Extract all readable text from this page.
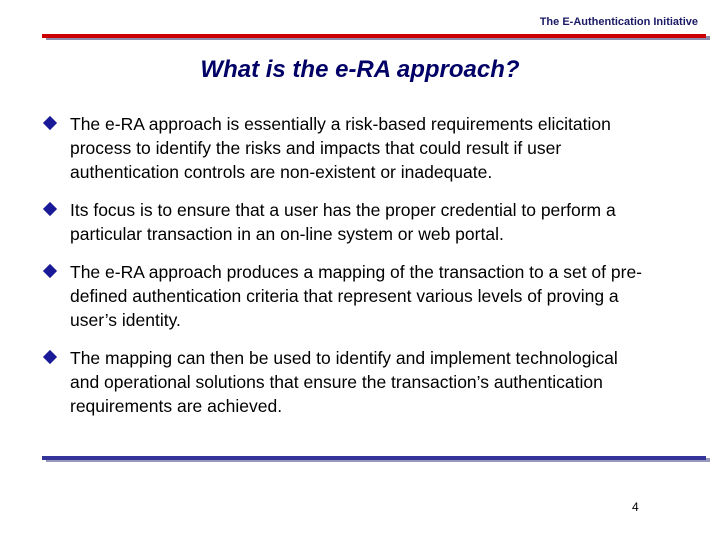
The E-Authentication Initiative
What is the e-RA approach?
The e-RA approach is essentially a risk-based requirements elicitation process to identify the risks and impacts that could result if user authentication controls are non-existent or inadequate.
Its focus is to ensure that a user has the proper credential to perform a particular transaction in an on-line system or web portal.
The e-RA approach produces a mapping of the transaction to a set of pre-defined authentication criteria that represent various levels of proving a user’s identity.
The mapping can then be used to identify and implement technological and operational solutions that ensure the transaction’s authentication requirements are achieved.
4
